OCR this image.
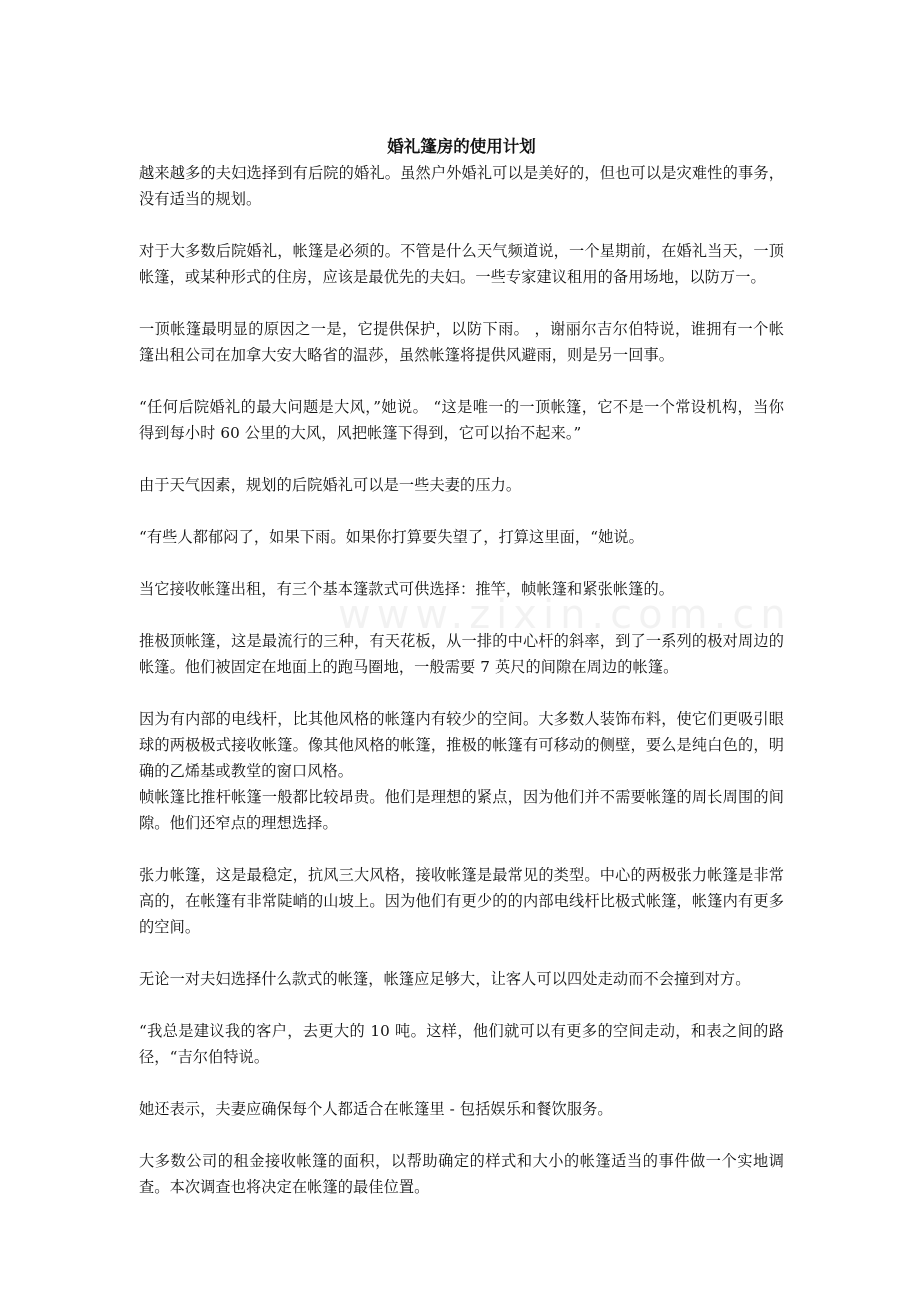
www.zixin.com.cn
婚礼篷房的使用计划

越来越多的夫妇选择到有后院的婚礼。虽然户外婚礼可以是美好的，但也可以是灾难性的事务，没有适当的规划。

对于大多数后院婚礼，帐篷是必须的。不管是什么天气频道说，一个星期前，在婚礼当天，一顶帐篷，或某种形式的住房，应该是最优先的夫妇。一些专家建议租用的备用场地，以防万一。

一顶帐篷最明显的原因之一是，它提供保护，以防下雨。 ，谢丽尔吉尔伯特说，谁拥有一个帐篷出租公司在加拿大安大略省的温莎，虽然帐篷将提供风避雨，则是另一回事。

“任何后院婚礼的最大问题是大风，”她说。 “这是唯一的一顶帐篷，它不是一个常设机构，当你得到每小时 60 公里的大风，风把帐篷下得到，它可以抬不起来。”

由于天气因素，规划的后院婚礼可以是一些夫妻的压力。

“有些人都郁闷了，如果下雨。如果你打算要失望了，打算这里面，“她说。

当它接收帐篷出租，有三个基本篷款式可供选择：推竿，帧帐篷和紧张帐篷的。

推极顶帐篷，这是最流行的三种，有天花板，从一排的中心杆的斜率，到了一系列的极对周边的帐篷。他们被固定在地面上的跑马圈地，一般需要 7 英尺的间隙在周边的帐篷。

因为有内部的电线杆，比其他风格的帐篷内有较少的空间。大多数人装饰布料，使它们更吸引眼球的两极极式接收帐篷。像其他风格的帐篷，推极的帐篷有可移动的侧壁，要么是纯白色的，明确的乙烯基或教堂的窗口风格。

帧帐篷比推杆帐篷一般都比较昂贵。他们是理想的紧点，因为他们并不需要帐篷的周长周围的间隙。他们还窄点的理想选择。

张力帐篷，这是最稳定，抗风三大风格，接收帐篷是最常见的类型。中心的两极张力帐篷是非常高的，在帐篷有非常陡峭的山坡上。因为他们有更少的的内部电线杆比极式帐篷，帐篷内有更多的空间。

无论一对夫妇选择什么款式的帐篷，帐篷应足够大，让客人可以四处走动而不会撞到对方。

“我总是建议我的客户，去更大的 10 吨。这样，他们就可以有更多的空间走动，和表之间的路径，“吉尔伯特说。

她还表示，夫妻应确保每个人都适合在帐篷里 - 包括娱乐和餐饮服务。

大多数公司的租金接收帐篷的面积，以帮助确定的样式和大小的帐篷适当的事件做一个实地调查。本次调查也将决定在帐篷的最佳位置。
